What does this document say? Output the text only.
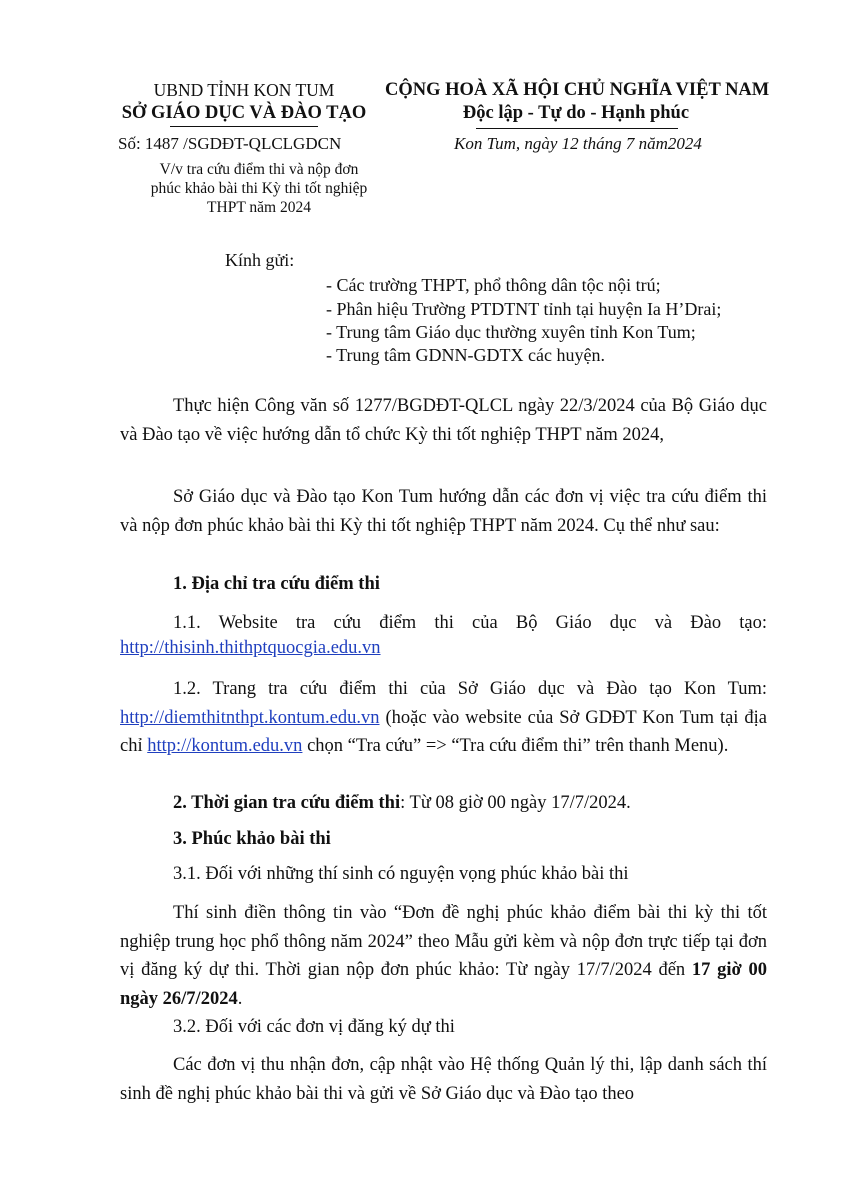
UBND TỈNH KON TUM
SỞ GIÁO DỤC VÀ ĐÀO TẠO
CỘNG HOÀ XÃ HỘI CHỦ NGHĨA VIỆT NAM
Độc lập - Tự do - Hạnh phúc
Số: 1487 /SGDĐT-QLCLGDCN	Kon Tum, ngày 12 tháng 7 năm2024
V/v tra cứu điểm thi và nộp đơn phúc khảo bài thi Kỳ thi tốt nghiệp THPT năm 2024
Kính gửi:
- Các trường THPT, phổ thông dân tộc nội trú;
- Phân hiệu Trường PTDTNT tỉnh tại huyện Ia H’Drai;
- Trung tâm Giáo dục thường xuyên tỉnh Kon Tum;
- Trung tâm GDNN-GDTX các huyện.
Thực hiện Công văn số 1277/BGDĐT-QLCL ngày 22/3/2024 của Bộ Giáo dục và Đào tạo về việc hướng dẫn tổ chức Kỳ thi tốt nghiệp THPT năm 2024,
Sở Giáo dục và Đào tạo Kon Tum hướng dẫn các đơn vị việc tra cứu điểm thi và nộp đơn phúc khảo bài thi Kỳ thi tốt nghiệp THPT năm 2024. Cụ thể như sau:
1. Địa chỉ tra cứu điểm thi
1.1. Website tra cứu điểm thi của Bộ Giáo dục và Đào tạo:
http://thisinh.thithptquocgia.edu.vn
1.2. Trang tra cứu điểm thi của Sở Giáo dục và Đào tạo Kon Tum: http://diemthitnthpt.kontum.edu.vn (hoặc vào website của Sở GDĐT Kon Tum tại địa chỉ http://kontum.edu.vn chọn “Tra cứu” => “Tra cứu điểm thi” trên thanh Menu).
2. Thời gian tra cứu điểm thi: Từ 08 giờ 00 ngày 17/7/2024.
3. Phúc khảo bài thi
3.1. Đối với những thí sinh có nguyện vọng phúc khảo bài thi
Thí sinh điền thông tin vào “Đơn đề nghị phúc khảo điểm bài thi kỳ thi tốt nghiệp trung học phổ thông năm 2024” theo Mẫu gửi kèm và nộp đơn trực tiếp tại đơn vị đăng ký dự thi. Thời gian nộp đơn phúc khảo: Từ ngày 17/7/2024 đến 17 giờ 00 ngày 26/7/2024.
3.2. Đối với các đơn vị đăng ký dự thi
Các đơn vị thu nhận đơn, cập nhật vào Hệ thống Quản lý thi, lập danh sách thí sinh đề nghị phúc khảo bài thi và gửi về Sở Giáo dục và Đào tạo theo
